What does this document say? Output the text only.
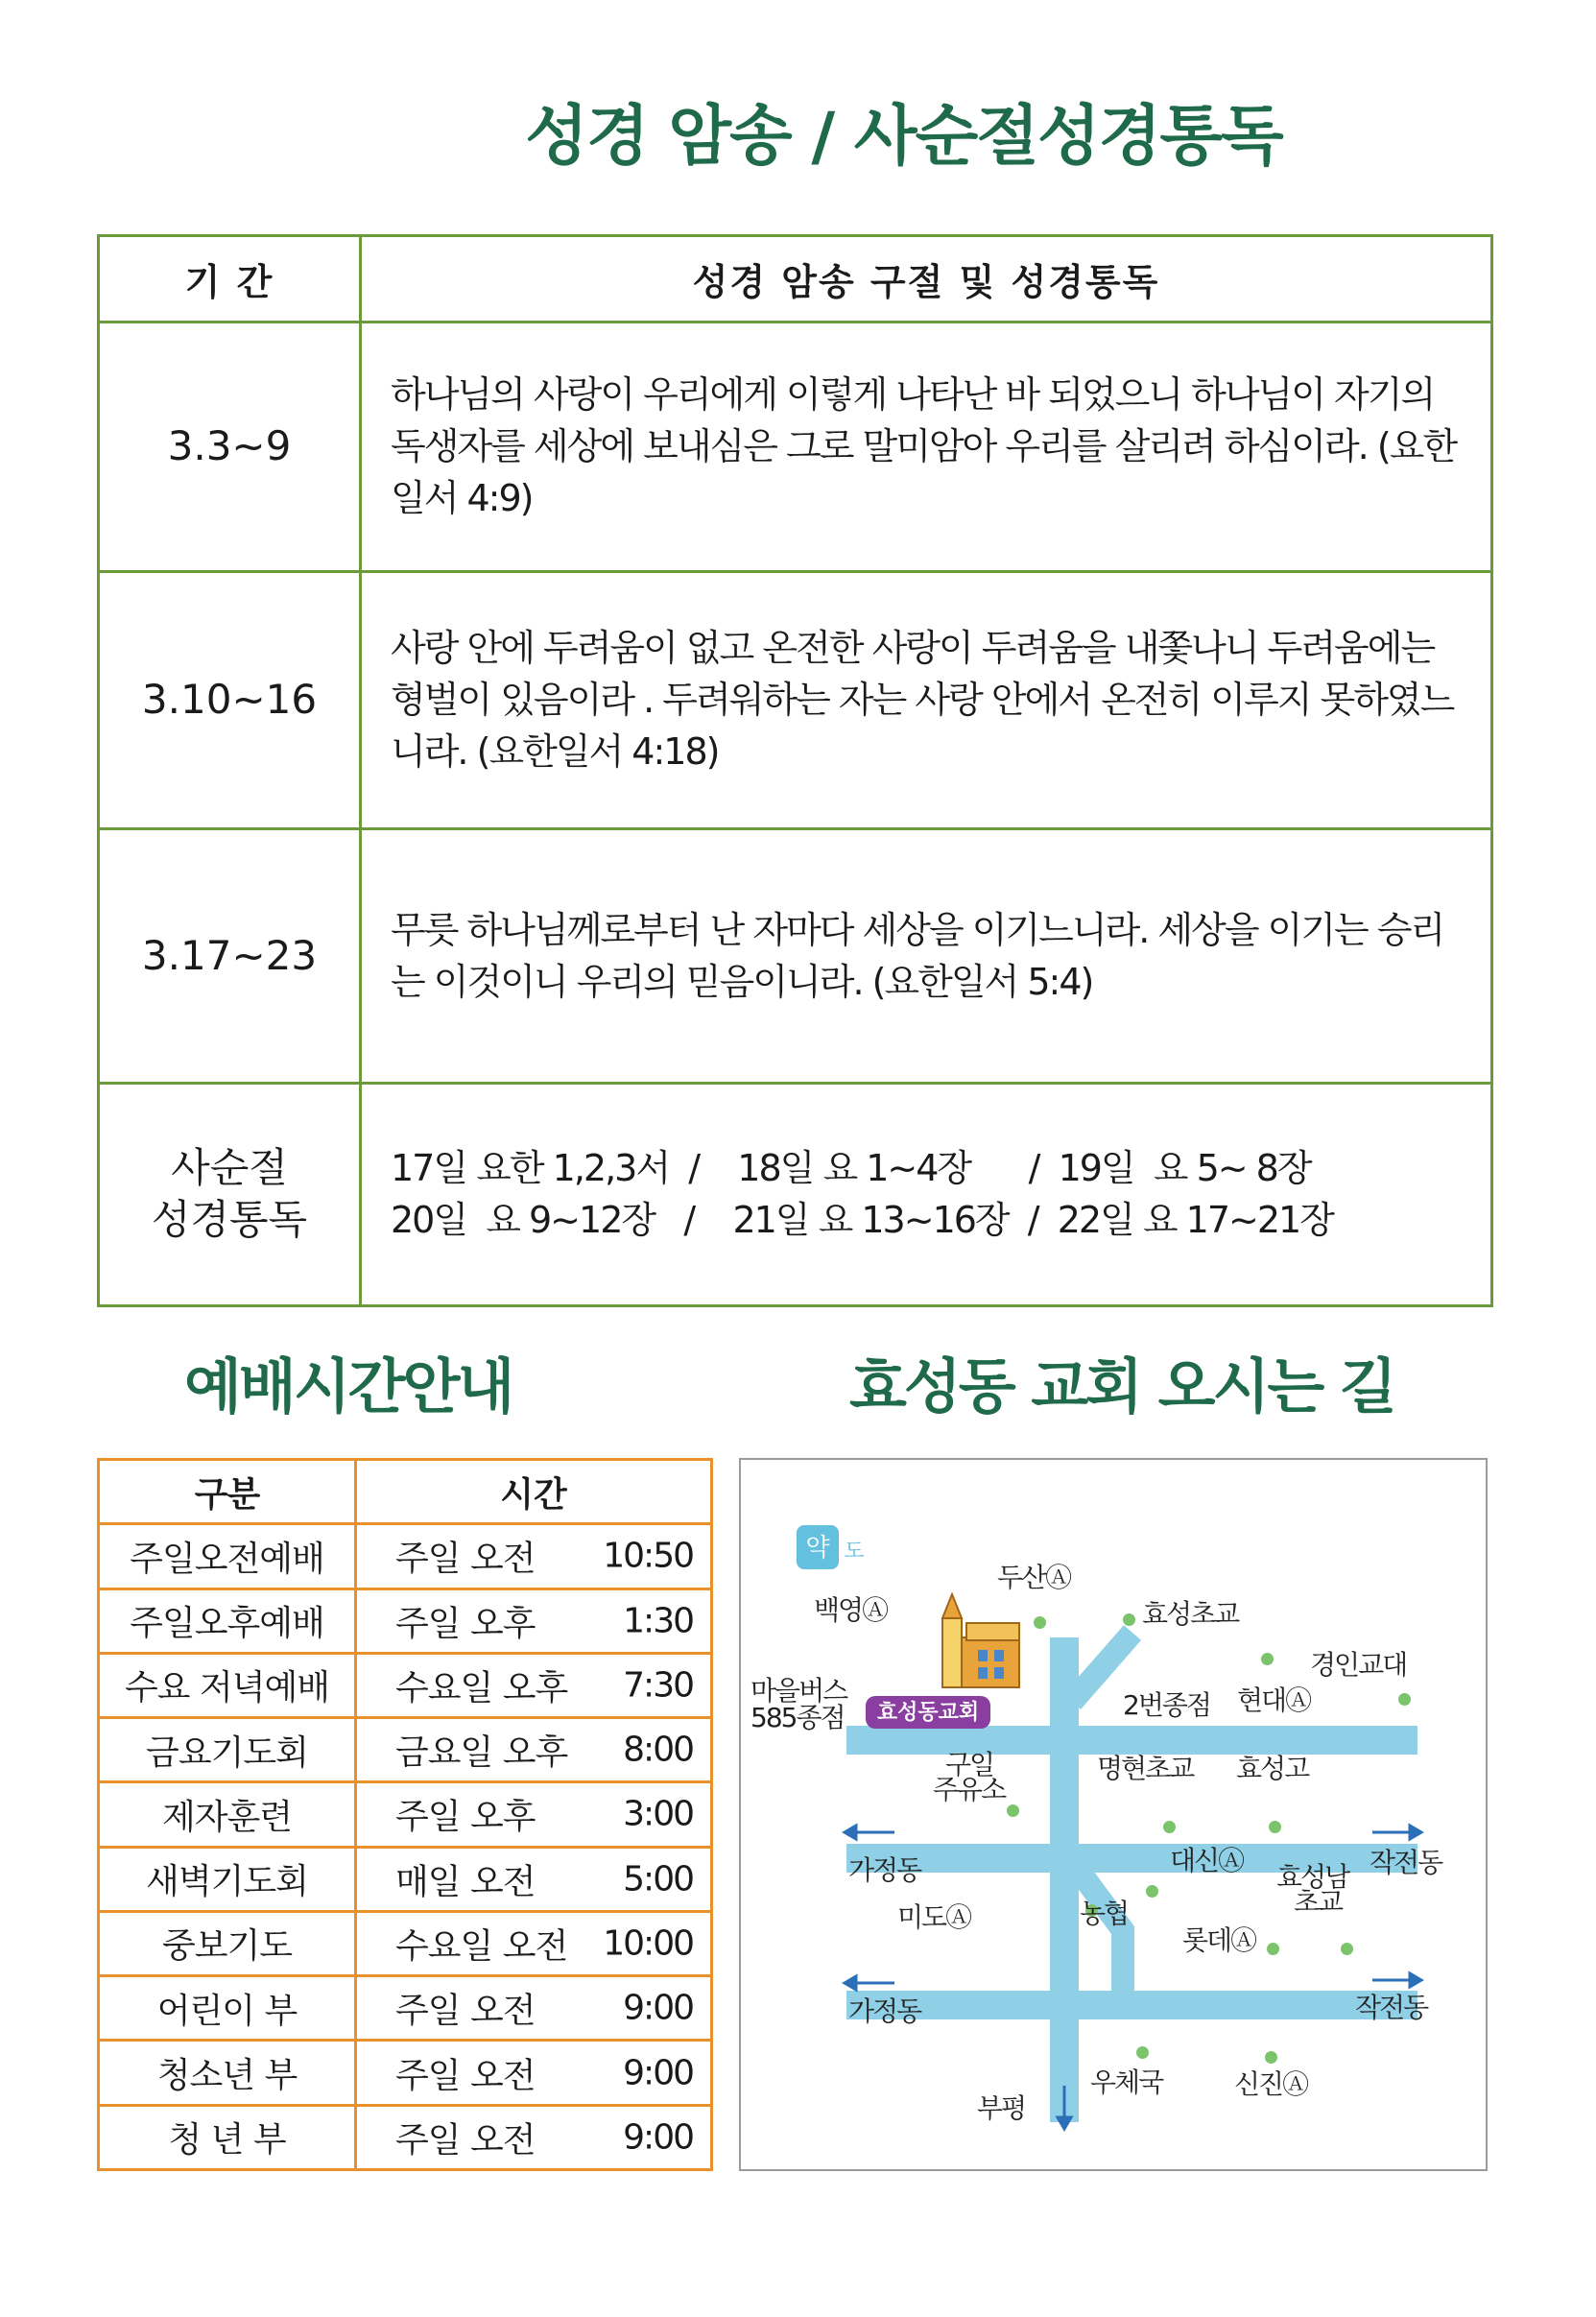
성경 암송 / 사순절성경통독
기 간	성경 암송 구절 및 성경통독
3.3~9	하나님의 사랑이 우리에게 이렇게 나타난 바 되었으니 하나님이 자기의 독생자를 세상에 보내심은 그로 말미암아 우리를 살리려 하심이라. (요한일서 4:9)
3.10~16	사랑 안에 두려움이 없고 온전한 사랑이 두려움을 내쫓나니 두려움에는 형벌이 있음이라 . 두려워하는 자는 사랑 안에서 온전히 이루지 못하였느니라. (요한일서 4:18)
3.17~23	무릇 하나님께로부터 난 자마다 세상을 이기느니라. 세상을 이기는 승리는 이것이니 우리의 믿음이니라. (요한일서 5:4)

사순절
성경통독	17일 요한 1,2,3서  /    18일 요 1~4장      /  19일  요 5~ 8장
20일  요 9~12장   /    21일 요 13~16장  /  22일 요 17~21장
예배시간안내	효성동 교회 오시는 길
구분	시간
주일오전예배	주일 오전 10:50

주일오후예배	주일 오후 1:30

수요 저녁예배	수요일 오후 7:30

금요기도회	금요일 오후 8:00

제자훈련	주일 오후 3:00

새벽기도회	매일 오전 5:00

중보기도	수요일 오전 10:00

어린이 부	주일 오전 9:00

청소년 부	주일 오전 9:00

청 년 부	주일 오전 9:00
효성동교회
약 도
두산Ⓐ
효성초교
백영Ⓐ
경인교대
마을버스
585종점	2번종점 현대Ⓐ
구일
주유소
명현초교 효성고
가정동	대신Ⓐ
효성남
초교
작전동
미도Ⓐ	농협
롯데Ⓐ
가정동	작전동
우체국	신진Ⓐ
부평
